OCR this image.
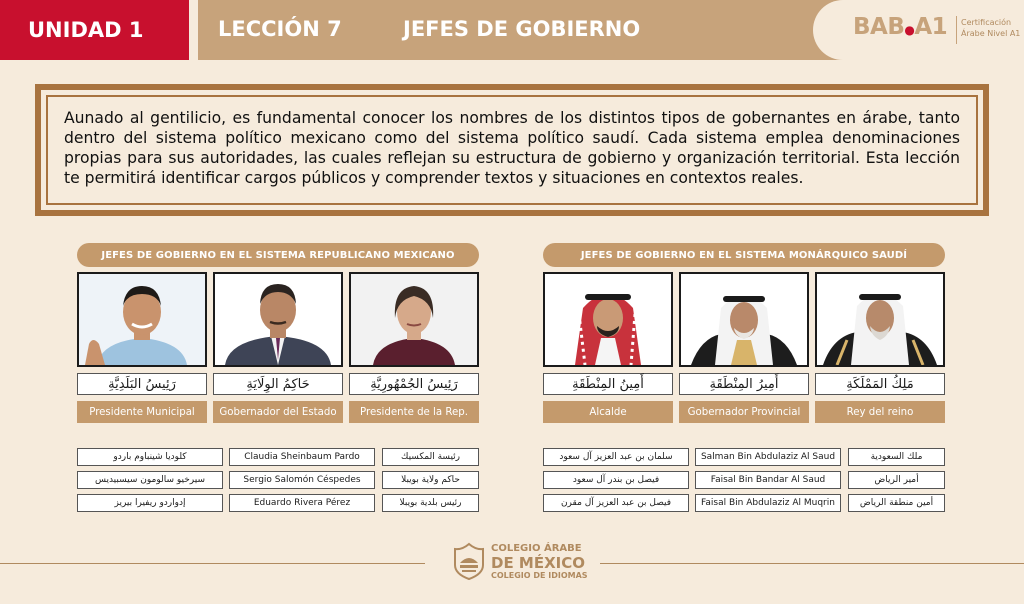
UNIDAD 1	LECCIÓN 7	JEFES DE GOBIERNO	BAB●A1 Certificación
Árabe Nivel A1

Aunado al gentilicio, es fundamental conocer los nombres de los distintos tipos de gobernantes en árabe, tanto dentro del sistema político mexicano como del sistema político saudí. Cada sistema emplea denominaciones propias para sus autoridades, las cuales reflejan su estructura de gobierno y organización territorial. Esta lección te permitirá identificar cargos públicos y comprender textos y situaciones en contextos reales.

JEFES DE GOBIERNO EN EL SISTEMA REPUBLICANO MEXICANO
رَئِيسُ البَلَدِيَّةِ
Presidente Municipal
حَاكِمُ الوِلَايَةِ
Gobernador del Estado
رَئِيسُ الجُمْهُورِيَّةِ
Presidente de la Rep.
كلوديا شينباوم باردو	Claudia Sheinbaum Pardo	رئيسة المكسيك
سيرخيو سالومون سيسبيديس	Sergio Salomón Céspedes	حاكم ولاية بويبلا
إدواردو ريفيرا بيريز	Eduardo Rivera Pérez	رئيس بلدية بويبلا
JEFES DE GOBIERNO EN EL SISTEMA MONÁRQUICO SAUDÍ
أَمِينُ المِنْطَقَةِ
Alcalde
أَمِيرُ المِنْطَقَةِ
Gobernador Provincial
مَلِكُ المَمْلَكَةِ
Rey del reino
سلمان بن عبد العزيز آل سعود	Salman Bin Abdulaziz Al Saud	ملك السعودية
فيصل بن بندر آل سعود	Faisal Bin Bandar Al Saud	أمير الرياض
فيصل بن عبد العزيز آل مقرن	Faisal Bin Abdulaziz Al Muqrin	أمين منطقة الرياض
COLEGIO ÁRABE
DE MÉXICO
COLEGIO DE IDIOMAS
